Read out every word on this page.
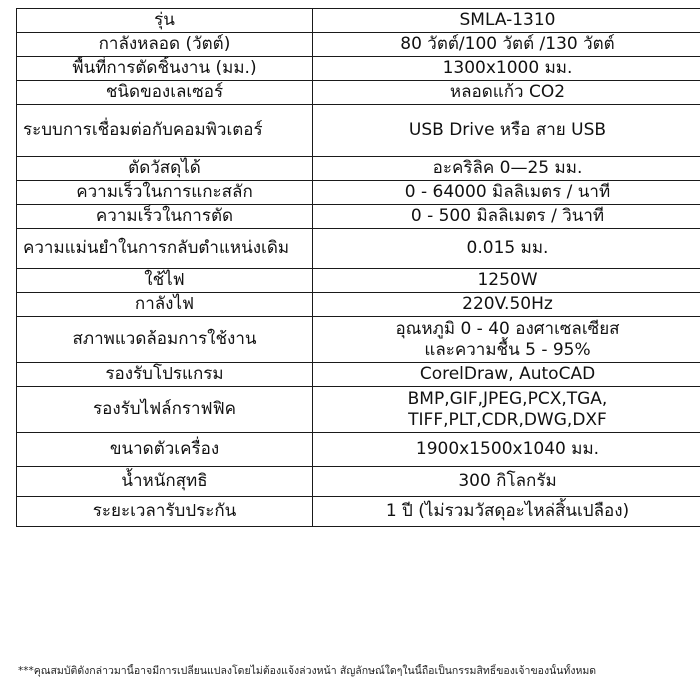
รุ่น	SMLA-1310

กาลังหลอด (วัตต์)	80 วัตต์/100 วัตต์ /130 วัตต์

พื้นที่การตัดชิ้นงาน (มม.)	1300x1000 มม.

ชนิดของเลเซอร์	หลอดแก้ว CO2

ระบบการเชื่อมต่อกับคอมพิวเตอร์	USB Drive หรือ สาย USB

ตัดวัสดุได้	อะคริลิค 0—25 มม.

ความเร็วในการแกะสลัก	0 - 64000 มิลลิเมตร / นาที

ความเร็วในการตัด	0 - 500 มิลลิเมตร / วินาที

ความแม่นยำในการกลับตำแหน่งเดิม	0.015 มม.

ใช้ไฟ	1250W

กาลังไฟ	220V.50Hz

สภาพแวดล้อมการใช้งาน	อุณหภูมิ 0 - 40 องศาเซลเซียส
และความชื้น 5 - 95%

รองรับโปรแกรม	CorelDraw, AutoCAD

รองรับไฟล์กราฟฟิค	BMP,GIF,JPEG,PCX,TGA,
TIFF,PLT,CDR,DWG,DXF

ขนาดตัวเครื่อง	1900x1500x1040 มม.

น้ำหนักสุทธิ	300 กิโลกรัม

ระยะเวลารับประกัน	1 ปี (ไม่รวมวัสดุอะไหล่สิ้นเปลือง)
***คุณสมบัติดังกล่าวมานี้อาจมีการเปลี่ยนแปลงโดยไม่ต้องแจ้งล่วงหน้า สัญลักษณ์ใดๆในนี้ถือเป็นกรรมสิทธิ์ของเจ้าของนั้นทั้งหมด
